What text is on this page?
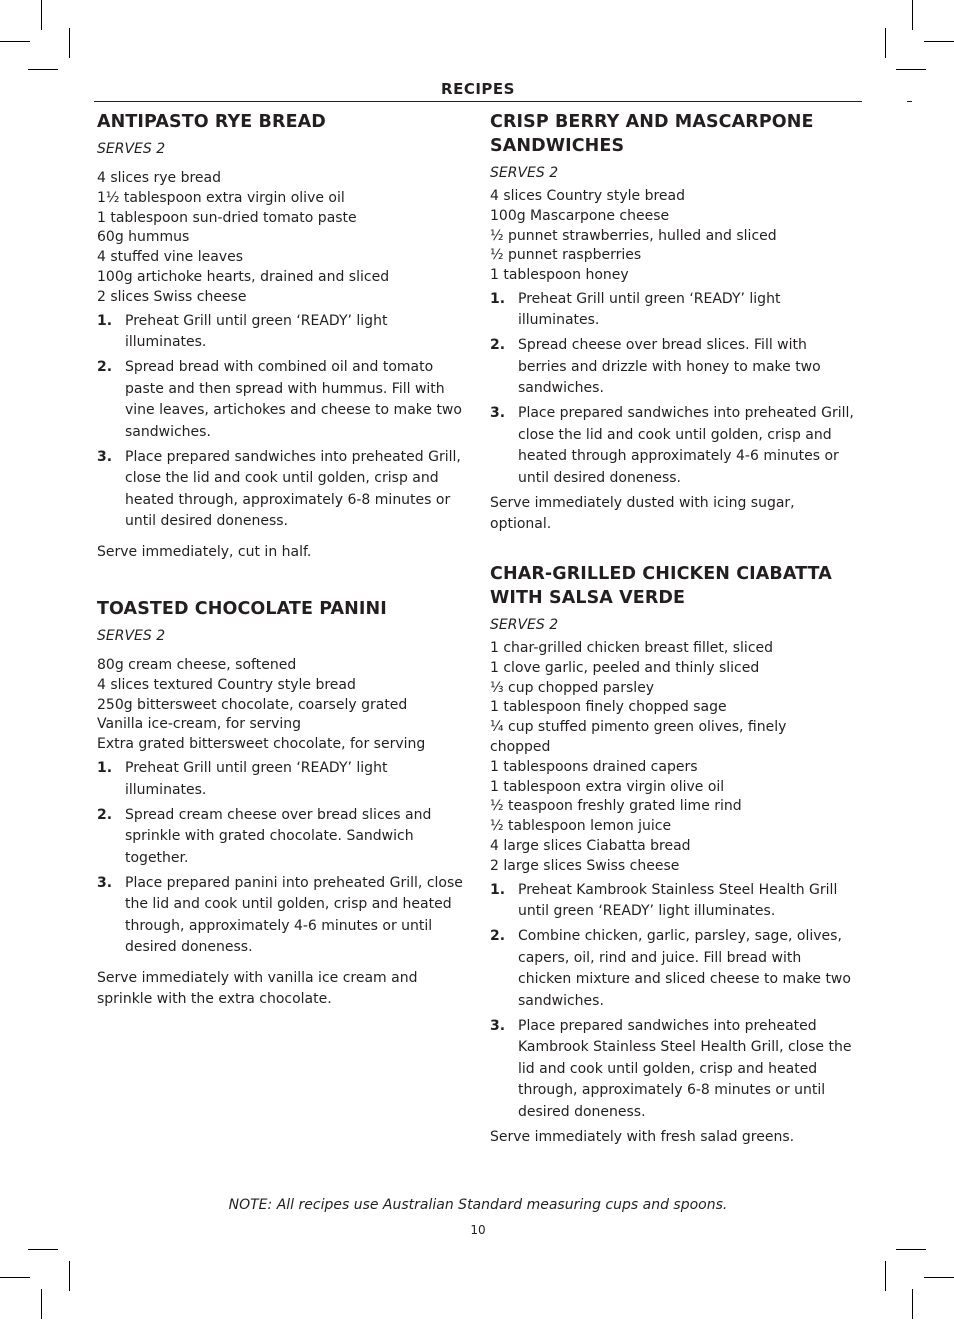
RECIPES
ANTIPASTO RYE BREAD
SERVES 2
4 slices rye bread
1½ tablespoon extra virgin olive oil
1 tablespoon sun-dried tomato paste
60g hummus
4 stuffed vine leaves
100g artichoke hearts, drained and sliced
2 slices Swiss cheese
1. Preheat Grill until green ‘READY’ light illuminates.
2. Spread bread with combined oil and tomato paste and then spread with hummus. Fill with vine leaves, artichokes and cheese to make two sandwiches.
3. Place prepared sandwiches into preheated Grill, close the lid and cook until golden, crisp and heated through, approximately 6-8 minutes or until desired doneness.
Serve immediately, cut in half.
TOASTED CHOCOLATE PANINI
SERVES 2
80g cream cheese, softened
4 slices textured Country style bread
250g bittersweet chocolate, coarsely grated
Vanilla ice-cream, for serving
Extra grated bittersweet chocolate, for serving
1. Preheat Grill until green ‘READY’ light illuminates.
2. Spread cream cheese over bread slices and sprinkle with grated chocolate. Sandwich together.
3. Place prepared panini into preheated Grill, close the lid and cook until golden, crisp and heated through, approximately 4-6 minutes or until desired doneness.
Serve immediately with vanilla ice cream and sprinkle with the extra chocolate.
CRISP BERRY AND MASCARPONE SANDWICHES
SERVES 2
4 slices Country style bread
100g Mascarpone cheese
½ punnet strawberries, hulled and sliced
½ punnet raspberries
1 tablespoon honey
1. Preheat Grill until green ‘READY’ light illuminates.
2. Spread cheese over bread slices. Fill with berries and drizzle with honey to make two sandwiches.
3. Place prepared sandwiches into preheated Grill, close the lid and cook until golden, crisp and heated through approximately 4-6 minutes or until desired doneness.
Serve immediately dusted with icing sugar, optional.
CHAR-GRILLED CHICKEN CIABATTA WITH SALSA VERDE
SERVES 2
1 char-grilled chicken breast fillet, sliced
1 clove garlic, peeled and thinly sliced
⅓ cup chopped parsley
1 tablespoon finely chopped sage
¼ cup stuffed pimento green olives, finely chopped
1 tablespoons drained capers
1 tablespoon extra virgin olive oil
½ teaspoon freshly grated lime rind
½ tablespoon lemon juice
4 large slices Ciabatta bread
2 large slices Swiss cheese
1. Preheat Kambrook Stainless Steel Health Grill until green ‘READY’ light illuminates.
2. Combine chicken, garlic, parsley, sage, olives, capers, oil, rind and juice. Fill bread with chicken mixture and sliced cheese to make two sandwiches.
3. Place prepared sandwiches into preheated Kambrook Stainless Steel Health Grill, close the lid and cook until golden, crisp and heated through, approximately 6-8 minutes or until desired doneness.
Serve immediately with fresh salad greens.
NOTE: All recipes use Australian Standard measuring cups and spoons.
10
